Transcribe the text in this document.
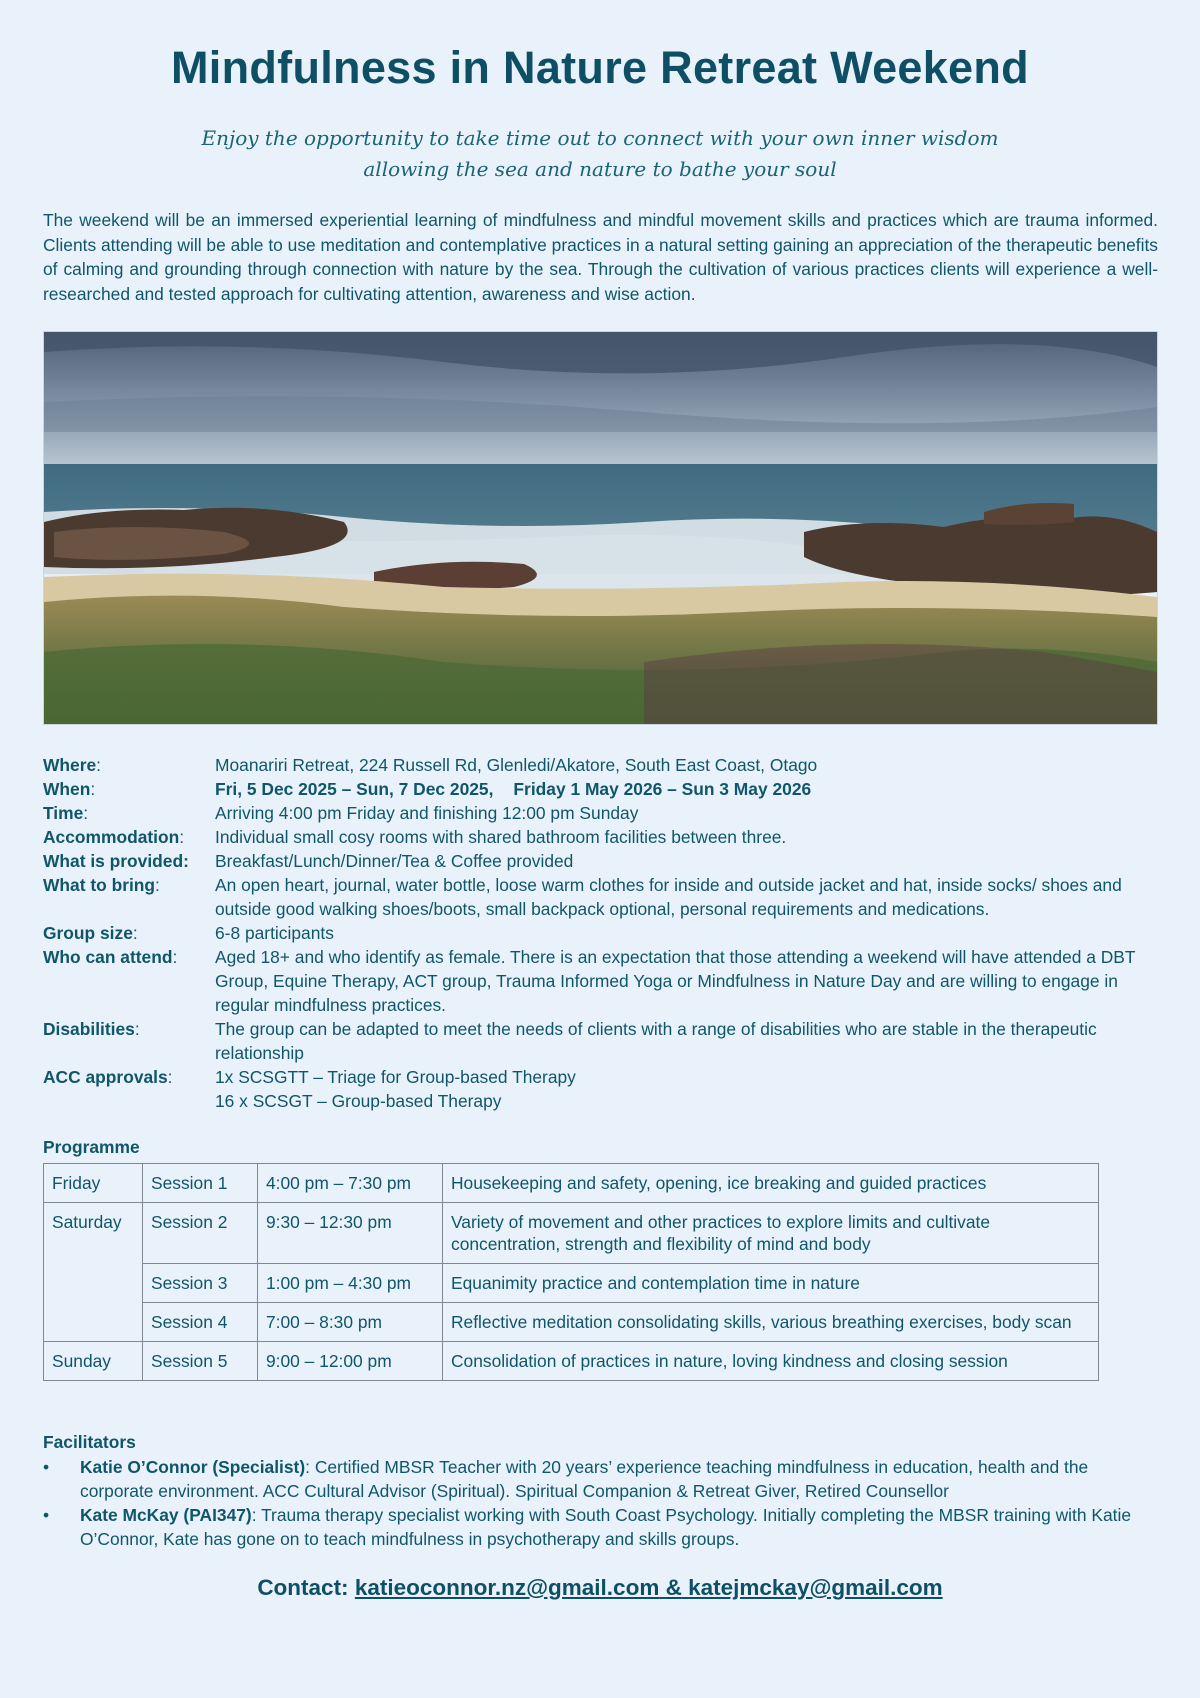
Mindfulness in Nature Retreat Weekend
Enjoy the opportunity to take time out to connect with your own inner wisdom
allowing the sea and nature to bathe your soul
The weekend will be an immersed experiential learning of mindfulness and mindful movement skills and practices which are trauma informed. Clients attending will be able to use meditation and contemplative practices in a natural setting gaining an appreciation of the therapeutic benefits of calming and grounding through connection with nature by the sea. Through the cultivation of various practices clients will experience a well-researched and tested approach for cultivating attention, awareness and wise action.
Where:	Moanariri Retreat, 224 Russell Rd, Glenledi/Akatore, South East Coast, Otago
When:	Fri, 5 Dec 2025 – Sun, 7 Dec 2025, Friday 1 May 2026 – Sun 3 May 2026
Time:	Arriving 4:00 pm Friday and finishing 12:00 pm Sunday
Accommodation:	Individual small cosy rooms with shared bathroom facilities between three.
What is provided:	Breakfast/Lunch/Dinner/Tea & Coffee provided
What to bring:	An open heart, journal, water bottle, loose warm clothes for inside and outside jacket and hat, inside socks/ shoes and outside good walking shoes/boots, small backpack optional, personal requirements and medications.
Group size:	6-8 participants
Who can attend:	Aged 18+ and who identify as female. There is an expectation that those attending a weekend will have attended a DBT Group, Equine Therapy, ACT group, Trauma Informed Yoga or Mindfulness in Nature Day and are willing to engage in regular mindfulness practices.
Disabilities:	The group can be adapted to meet the needs of clients with a range of disabilities who are stable in the therapeutic relationship
ACC approvals:	1x SCSGTT – Triage for Group-based Therapy
16 x SCSGT – Group-based Therapy
Programme
Friday	Session 1	4:00 pm – 7:30 pm	Housekeeping and safety, opening, ice breaking and guided practices
Saturday	Session 2	9:30 – 12:30 pm	Variety of movement and other practices to explore limits and cultivate concentration, strength and flexibility of mind and body
	Session 3	1:00 pm – 4:30 pm	Equanimity practice and contemplation time in nature
	Session 4	7:00 – 8:30 pm	Reflective meditation consolidating skills, various breathing exercises, body scan
Sunday	Session 5	9:00 – 12:00 pm	Consolidation of practices in nature, loving kindness and closing session
Facilitators
•	Katie O’Connor (Specialist): Certified MBSR Teacher with 20 years’ experience teaching mindfulness in education, health and the corporate environment. ACC Cultural Advisor (Spiritual). Spiritual Companion & Retreat Giver, Retired Counsellor
•	Kate McKay (PAI347): Trauma therapy specialist working with South Coast Psychology. Initially completing the MBSR training with Katie O’Connor, Kate has gone on to teach mindfulness in psychotherapy and skills groups.
Contact: katieoconnor.nz@gmail.com & katejmckay@gmail.com
